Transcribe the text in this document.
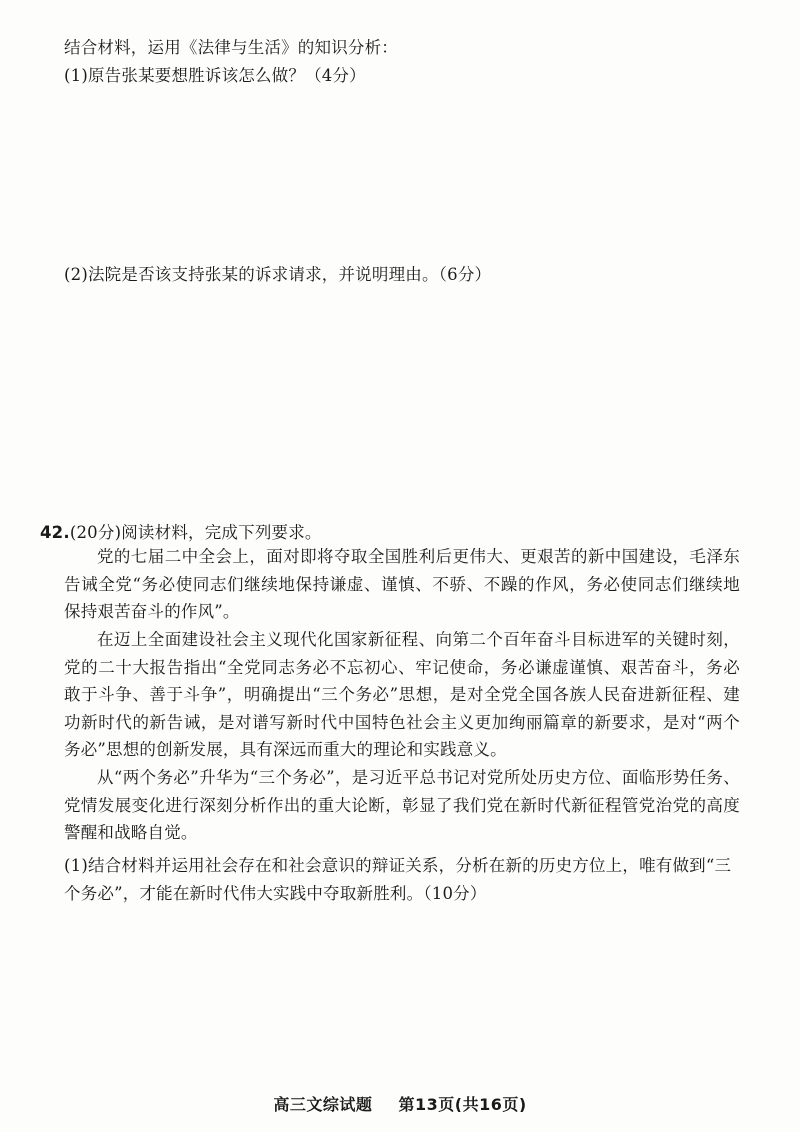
结合材料，运用《法律与生活》的知识分析：
(1)原告张某要想胜诉该怎么做？（4分）
(2)法院是否该支持张某的诉求请求，并说明理由。（6分）
42.(20分)阅读材料，完成下列要求。
党的七届二中全会上，面对即将夺取全国胜利后更伟大、更艰苦的新中国建设，毛泽东告诫全党“务必使同志们继续地保持谦虚、谨慎、不骄、不躁的作风，务必使同志们继续地保持艰苦奋斗的作风”。
在迈上全面建设社会主义现代化国家新征程、向第二个百年奋斗目标进军的关键时刻，党的二十大报告指出“全党同志务必不忘初心、牢记使命，务必谦虚谨慎、艰苦奋斗，务必敢于斗争、善于斗争”，明确提出“三个务必”思想，是对全党全国各族人民奋进新征程、建功新时代的新告诫，是对谱写新时代中国特色社会主义更加绚丽篇章的新要求，是对“两个务必”思想的创新发展，具有深远而重大的理论和实践意义。
从“两个务必”升华为“三个务必”，是习近平总书记对党所处历史方位、面临形势任务、党情发展变化进行深刻分析作出的重大论断，彰显了我们党在新时代新征程管党治党的高度警醒和战略自觉。
(1)结合材料并运用社会存在和社会意识的辩证关系，分析在新的历史方位上，唯有做到“三
个务必”，才能在新时代伟大实践中夺取新胜利。（10分）
高三文综试题 第13页(共16页)
